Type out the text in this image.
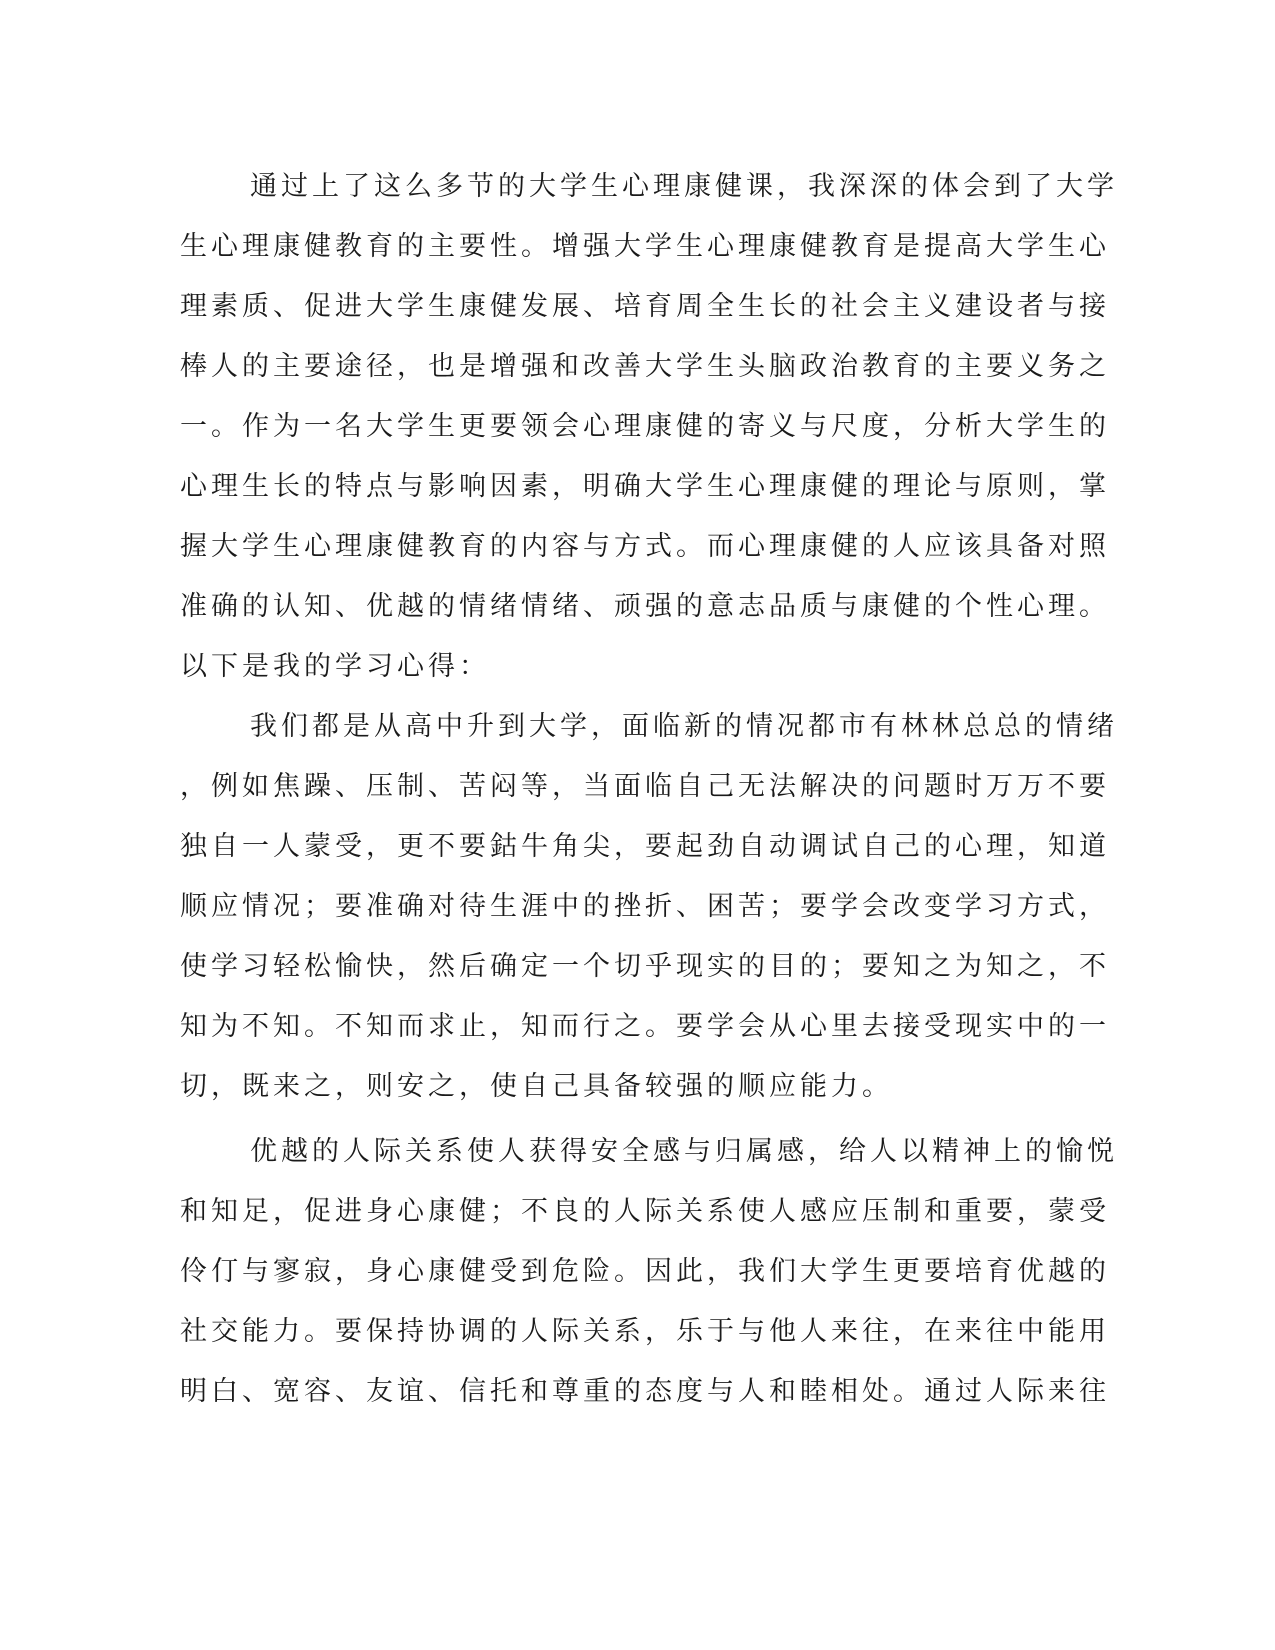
通过上了这么多节的大学生心理康健课，我深深的体会到了大学
生心理康健教育的主要性。增强大学生心理康健教育是提高大学生心
理素质、促进大学生康健发展、培育周全生长的社会主义建设者与接
棒人的主要途径，也是增强和改善大学生头脑政治教育的主要义务之
一。作为一名大学生更要领会心理康健的寄义与尺度，分析大学生的
心理生长的特点与影响因素，明确大学生心理康健的理论与原则，掌
握大学生心理康健教育的内容与方式。而心理康健的人应该具备对照
准确的认知、优越的情绪情绪、顽强的意志品质与康健的个性心理。
以下是我的学习心得：
我们都是从高中升到大学，面临新的情况都市有林林总总的情绪
，例如焦躁、压制、苦闷等，当面临自己无法解决的问题时万万不要
独自一人蒙受，更不要鈷牛角尖，要起劲自动调试自己的心理，知道
顺应情况；要准确对待生涯中的挫折、困苦；要学会改变学习方式，
使学习轻松愉快，然后确定一个切乎现实的目的；要知之为知之，不
知为不知。不知而求止，知而行之。要学会从心里去接受现实中的一
切，既来之，则安之，使自己具备较强的顺应能力。
优越的人际关系使人获得安全感与归属感，给人以精神上的愉悦
和知足，促进身心康健；不良的人际关系使人感应压制和重要，蒙受
伶仃与寥寂，身心康健受到危险。因此，我们大学生更要培育优越的
社交能力。要保持协调的人际关系，乐于与他人来往，在来往中能用
明白、宽容、友谊、信托和尊重的态度与人和睦相处。通过人际来往
